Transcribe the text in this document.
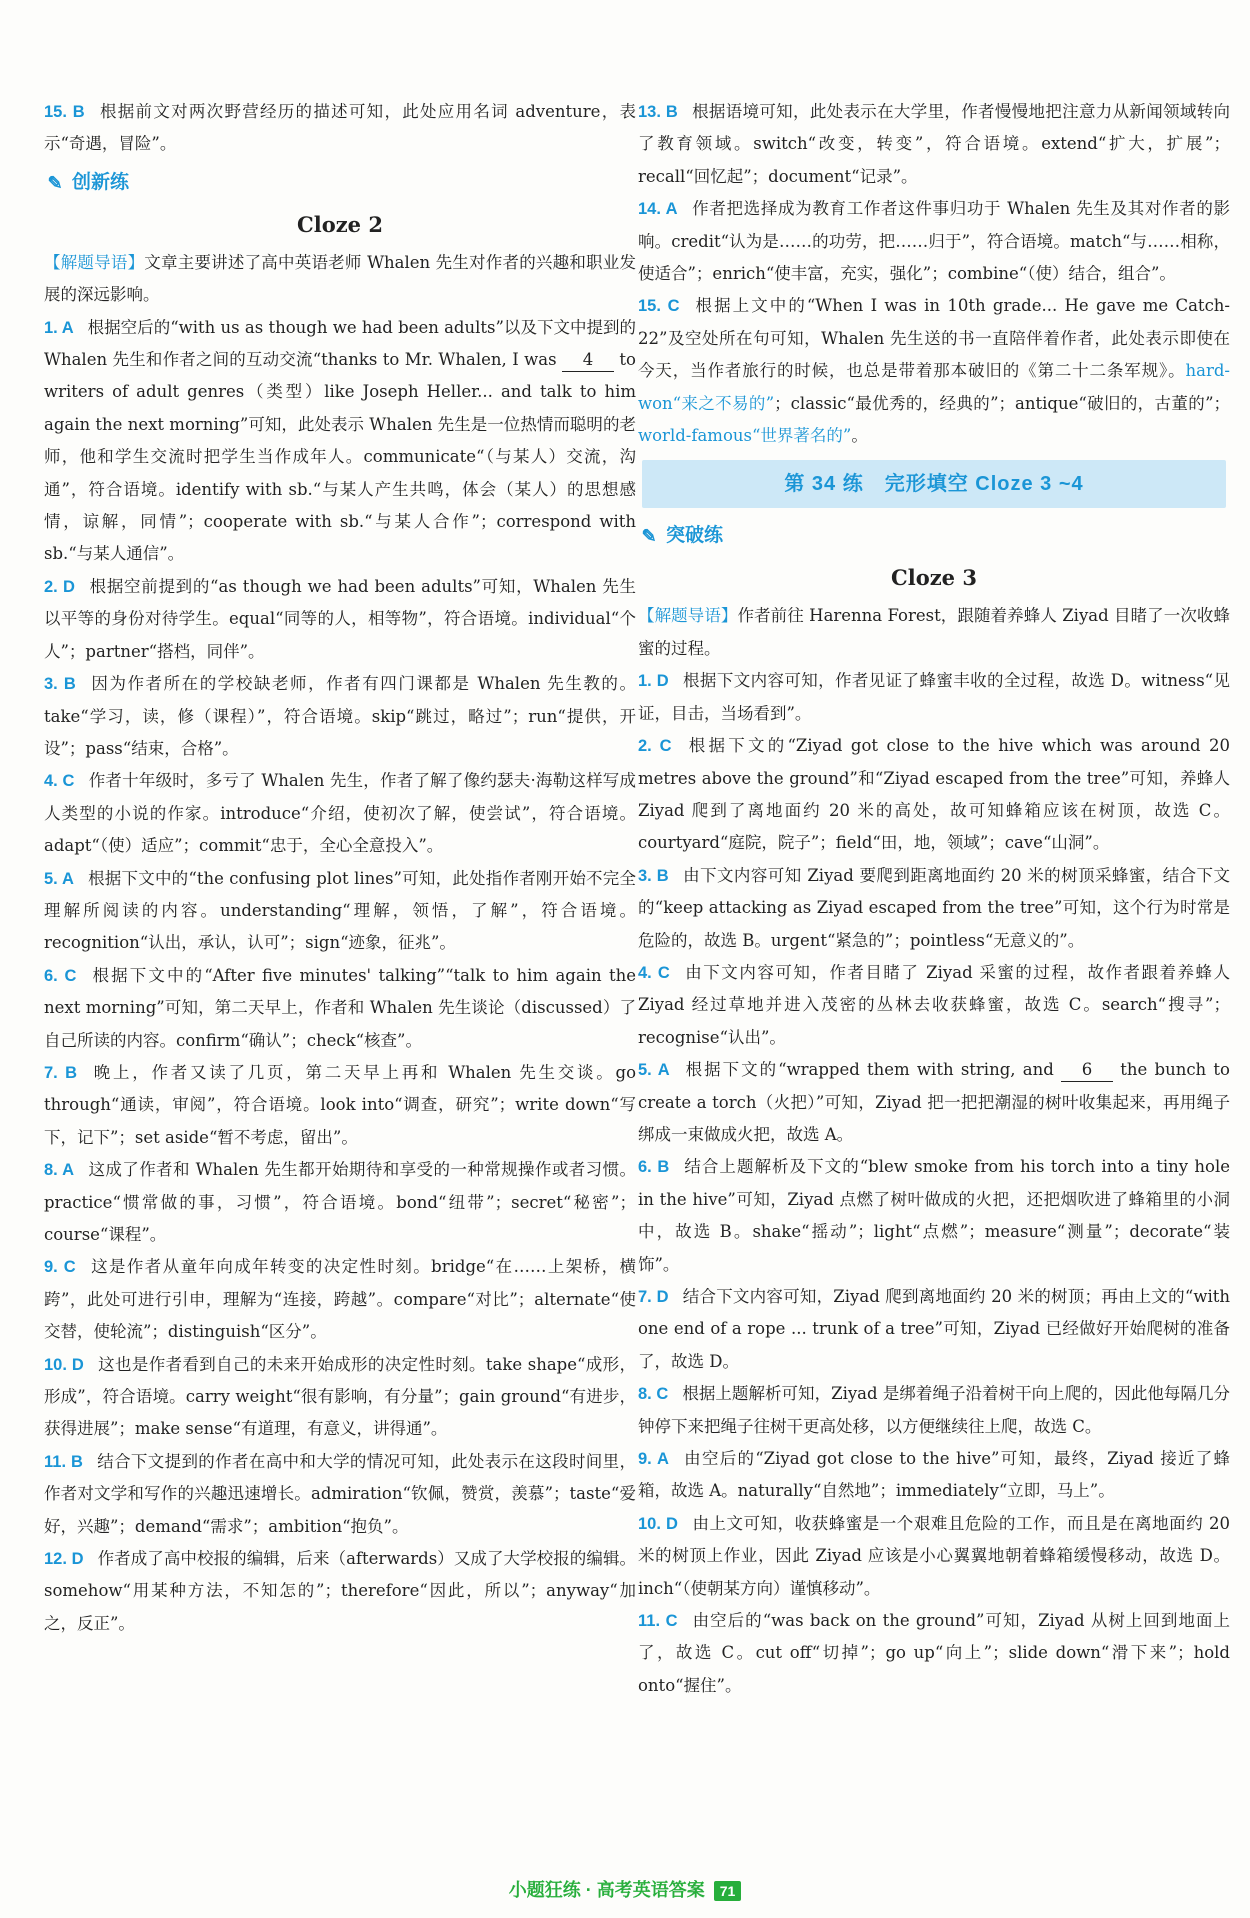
15. B 根据前文对两次野营经历的描述可知，此处应用名词 adventure，表示“奇遇，冒险”。

✎ 创新练
Cloze 2

【解题导语】文章主要讲述了高中英语老师 Whalen 先生对作者的兴趣和职业发展的深远影响。

1. A 根据空后的“with us as though we had been adults”以及下文中提到的 Whalen 先生和作者之间的互动交流“thanks to Mr. Whalen, I was 4 to writers of adult genres（类型）like Joseph Heller... and talk to him again the next morning”可知，此处表示 Whalen 先生是一位热情而聪明的老师，他和学生交流时把学生当作成年人。communicate“（与某人）交流，沟通”，符合语境。identify with sb.“与某人产生共鸣，体会（某人）的思想感情，谅解，同情”；cooperate with sb.“与某人合作”；correspond with sb.“与某人通信”。

2. D 根据空前提到的“as though we had been adults”可知，Whalen 先生以平等的身份对待学生。equal“同等的人，相等物”，符合语境。individual“个人”；partner“搭档，同伴”。

3. B 因为作者所在的学校缺老师，作者有四门课都是 Whalen 先生教的。take“学习，读，修（课程）”，符合语境。skip“跳过，略过”；run“提供，开设”；pass“结束，合格”。

4. C 作者十年级时，多亏了 Whalen 先生，作者了解了像约瑟夫·海勒这样写成人类型的小说的作家。introduce“介绍，使初次了解，使尝试”，符合语境。adapt“（使）适应”；commit“忠于，全心全意投入”。

5. A 根据下文中的“the confusing plot lines”可知，此处指作者刚开始不完全理解所阅读的内容。understanding“理解，领悟，了解”，符合语境。recognition“认出，承认，认可”；sign“迹象，征兆”。

6. C 根据下文中的“After five minutes' talking”“talk to him again the next morning”可知，第二天早上，作者和 Whalen 先生谈论（discussed）了自己所读的内容。confirm“确认”；check“核查”。

7. B 晚上，作者又读了几页，第二天早上再和 Whalen 先生交谈。go through“通读，审阅”，符合语境。look into“调查，研究”；write down“写下，记下”；set aside“暂不考虑，留出”。

8. A 这成了作者和 Whalen 先生都开始期待和享受的一种常规操作或者习惯。practice“惯常做的事，习惯”，符合语境。bond“纽带”；secret“秘密”；course“课程”。

9. C 这是作者从童年向成年转变的决定性时刻。bridge“在……上架桥，横跨”，此处可进行引申，理解为“连接，跨越”。compare“对比”；alternate“使交替，使轮流”；distinguish“区分”。

10. D 这也是作者看到自己的未来开始成形的决定性时刻。take shape“成形，形成”，符合语境。carry weight“很有影响，有分量”；gain ground“有进步，获得进展”；make sense“有道理，有意义，讲得通”。

11. B 结合下文提到的作者在高中和大学的情况可知，此处表示在这段时间里，作者对文学和写作的兴趣迅速增长。admiration“钦佩，赞赏，羡慕”；taste“爱好，兴趣”；demand“需求”；ambition“抱负”。

12. D 作者成了高中校报的编辑，后来（afterwards）又成了大学校报的编辑。somehow“用某种方法，不知怎的”；therefore“因此，所以”；anyway“加之，反正”。

13. B 根据语境可知，此处表示在大学里，作者慢慢地把注意力从新闻领域转向了教育领域。switch“改变，转变”，符合语境。extend“扩大，扩展”；recall“回忆起”；document“记录”。

14. A 作者把选择成为教育工作者这件事归功于 Whalen 先生及其对作者的影响。credit“认为是……的功劳，把……归于”，符合语境。match“与……相称，使适合”；enrich“使丰富，充实，强化”；combine“（使）结合，组合”。

15. C 根据上文中的“When I was in 10th grade... He gave me Catch-22”及空处所在句可知，Whalen 先生送的书一直陪伴着作者，此处表示即使在今天，当作者旅行的时候，也总是带着那本破旧的《第二十二条军规》。hard-won“来之不易的”；classic“最优秀的，经典的”；antique“破旧的，古董的”；world-famous“世界著名的”。

第 34 练　完形填空 Cloze 3 ~4
✎ 突破练
Cloze 3

【解题导语】作者前往 Harenna Forest，跟随着养蜂人 Ziyad 目睹了一次收蜂蜜的过程。

1. D 根据下文内容可知，作者见证了蜂蜜丰收的全过程，故选 D。witness“见证，目击，当场看到”。

2. C 根据下文的“Ziyad got close to the hive which was around 20 metres above the ground”和“Ziyad escaped from the tree”可知，养蜂人 Ziyad 爬到了离地面约 20 米的高处，故可知蜂箱应该在树顶，故选 C。courtyard“庭院，院子”；field“田，地，领域”；cave“山洞”。

3. B 由下文内容可知 Ziyad 要爬到距离地面约 20 米的树顶采蜂蜜，结合下文的“keep attacking as Ziyad escaped from the tree”可知，这个行为时常是危险的，故选 B。urgent“紧急的”；pointless“无意义的”。

4. C 由下文内容可知，作者目睹了 Ziyad 采蜜的过程，故作者跟着养蜂人 Ziyad 经过草地并进入茂密的丛林去收获蜂蜜，故选 C。search“搜寻”；recognise“认出”。

5. A 根据下文的“wrapped them with string, and 6 the bunch to create a torch（火把）”可知，Ziyad 把一把把潮湿的树叶收集起来，再用绳子绑成一束做成火把，故选 A。

6. B 结合上题解析及下文的“blew smoke from his torch into a tiny hole in the hive”可知，Ziyad 点燃了树叶做成的火把，还把烟吹进了蜂箱里的小洞中，故选 B。shake“摇动”；light“点燃”；measure“测量”；decorate“装饰”。

7. D 结合下文内容可知，Ziyad 爬到离地面约 20 米的树顶；再由上文的“with one end of a rope ... trunk of a tree”可知，Ziyad 已经做好开始爬树的准备了，故选 D。

8. C 根据上题解析可知，Ziyad 是绑着绳子沿着树干向上爬的，因此他每隔几分钟停下来把绳子往树干更高处移，以方便继续往上爬，故选 C。

9. A 由空后的“Ziyad got close to the hive”可知，最终，Ziyad 接近了蜂箱，故选 A。naturally“自然地”；immediately“立即，马上”。

10. D 由上文可知，收获蜂蜜是一个艰难且危险的工作，而且是在离地面约 20 米的树顶上作业，因此 Ziyad 应该是小心翼翼地朝着蜂箱缓慢移动，故选 D。inch“（使朝某方向）谨慎移动”。

11. C 由空后的“was back on the ground”可知，Ziyad 从树上回到地面上了，故选 C。cut off“切掉”；go up“向上”；slide down“滑下来”；hold onto“握住”。

小题狂练 · 高考英语答案 71
